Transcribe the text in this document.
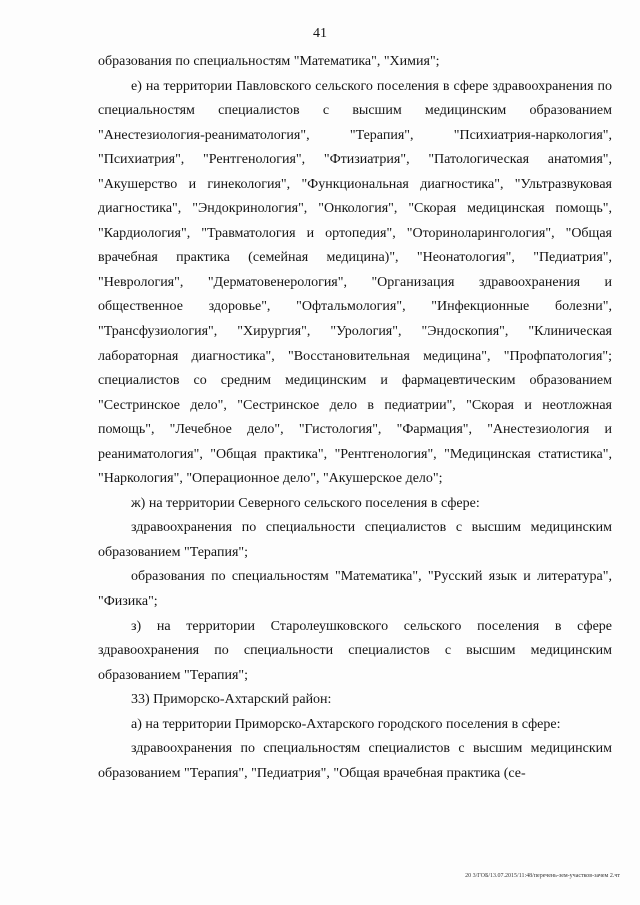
41

образования по специальностям "Математика", "Химия";

е) на территории Павловского сельского поселения в сфере здравоохранения по специальностям специалистов с высшим медицинским образованием "Анестезиология-реаниматология", "Терапия", "Психиатрия-наркология", "Психиатрия", "Рентгенология", "Фтизиатрия", "Патологическая анатомия", "Акушерство и гинекология", "Функциональная диагностика", "Ультразвуковая диагностика", "Эндокринология", "Онкология", "Скорая медицинская помощь", "Кардиология", "Травматология и ортопедия", "Оториноларингология", "Общая врачебная практика (семейная медицина)", "Неонатология", "Педиатрия", "Неврология", "Дерматовенерология", "Организация здравоохранения и общественное здоровье", "Офтальмология", "Инфекционные болезни", "Трансфузиология", "Хирургия", "Урология", "Эндоскопия", "Клиническая лабораторная диагностика", "Восстановительная медицина", "Профпатология"; специалистов со средним медицинским и фармацевтическим образованием "Сестринское дело", "Сестринское дело в педиатрии", "Скорая и неотложная помощь", "Лечебное дело", "Гистология", "Фармация", "Анестезиология и реаниматология", "Общая практика", "Рентгенология", "Медицинская статистика", "Наркология", "Операционное дело", "Акушерское дело";

ж) на территории Северного сельского поселения в сфере:

здравоохранения по специальности специалистов с высшим медицинским образованием "Терапия";

образования по специальностям "Математика", "Русский язык и литература", "Физика";

з) на территории Старолеушковского сельского поселения в сфере здравоохранения по специальности специалистов с высшим медицинским образованием "Терапия";

33) Приморско-Ахтарский район:

а) на территории Приморско-Ахтарского городского поселения в сфере:

здравоохранения по специальностям специалистов с высшим медицинским образованием "Терапия", "Педиатрия", "Общая врачебная практика (се-

20 3/ГОБ/13.07.2015/11:48/перечень-зем-участков-зачем 2.чт
